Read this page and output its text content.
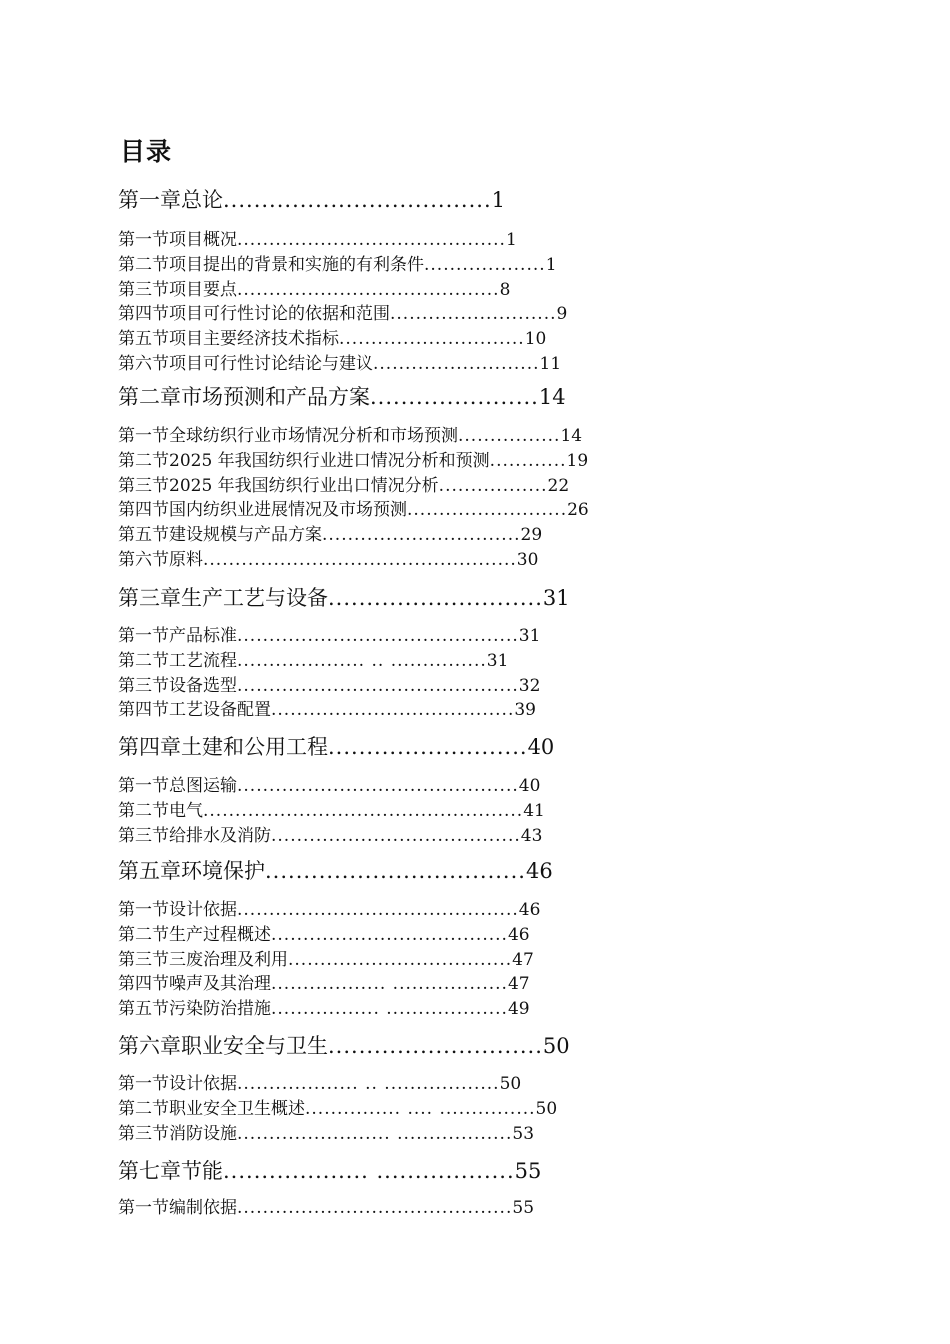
目录
第一章总论...................................1
第一节项目概况..........................................1
第二节项目提出的背景和实施的有利条件...................1
第三节项目要点.........................................8
第四节项目可行性讨论的依据和范围..........................9
第五节项目主要经济技术指标.............................10
第六节项目可行性讨论结论与建议..........................11
第二章市场预测和产品方案......................14
第一节全球纺织行业市场情况分析和市场预测................14
第二节2025 年我国纺织行业进口情况分析和预测............19
第三节2025 年我国纺织行业出口情况分析.................22
第四节国内纺织业进展情况及市场预测.........................26
第五节建设规模与产品方案...............................29
第六节原料.................................................30
第三章生产工艺与设备............................31
第一节产品标准............................................31
第二节工艺流程.................... .. ...............31
第三节设备选型............................................32
第四节工艺设备配置......................................39
第四章土建和公用工程..........................40
第一节总图运输............................................40
第二节电气..................................................41
第三节给排水及消防.......................................43
第五章环境保护..................................46
第一节设计依据............................................46
第二节生产过程概述.....................................46
第三节三废治理及利用...................................47
第四节噪声及其治理.................. ..................47
第五节污染防治措施................. ...................49
第六章职业安全与卫生............................50
第一节设计依据................... .. ..................50
第二节职业安全卫生概述............... .... ...............50
第三节消防设施........................ ..................53
第七章节能................... ..................55
第一节编制依据...........................................55
